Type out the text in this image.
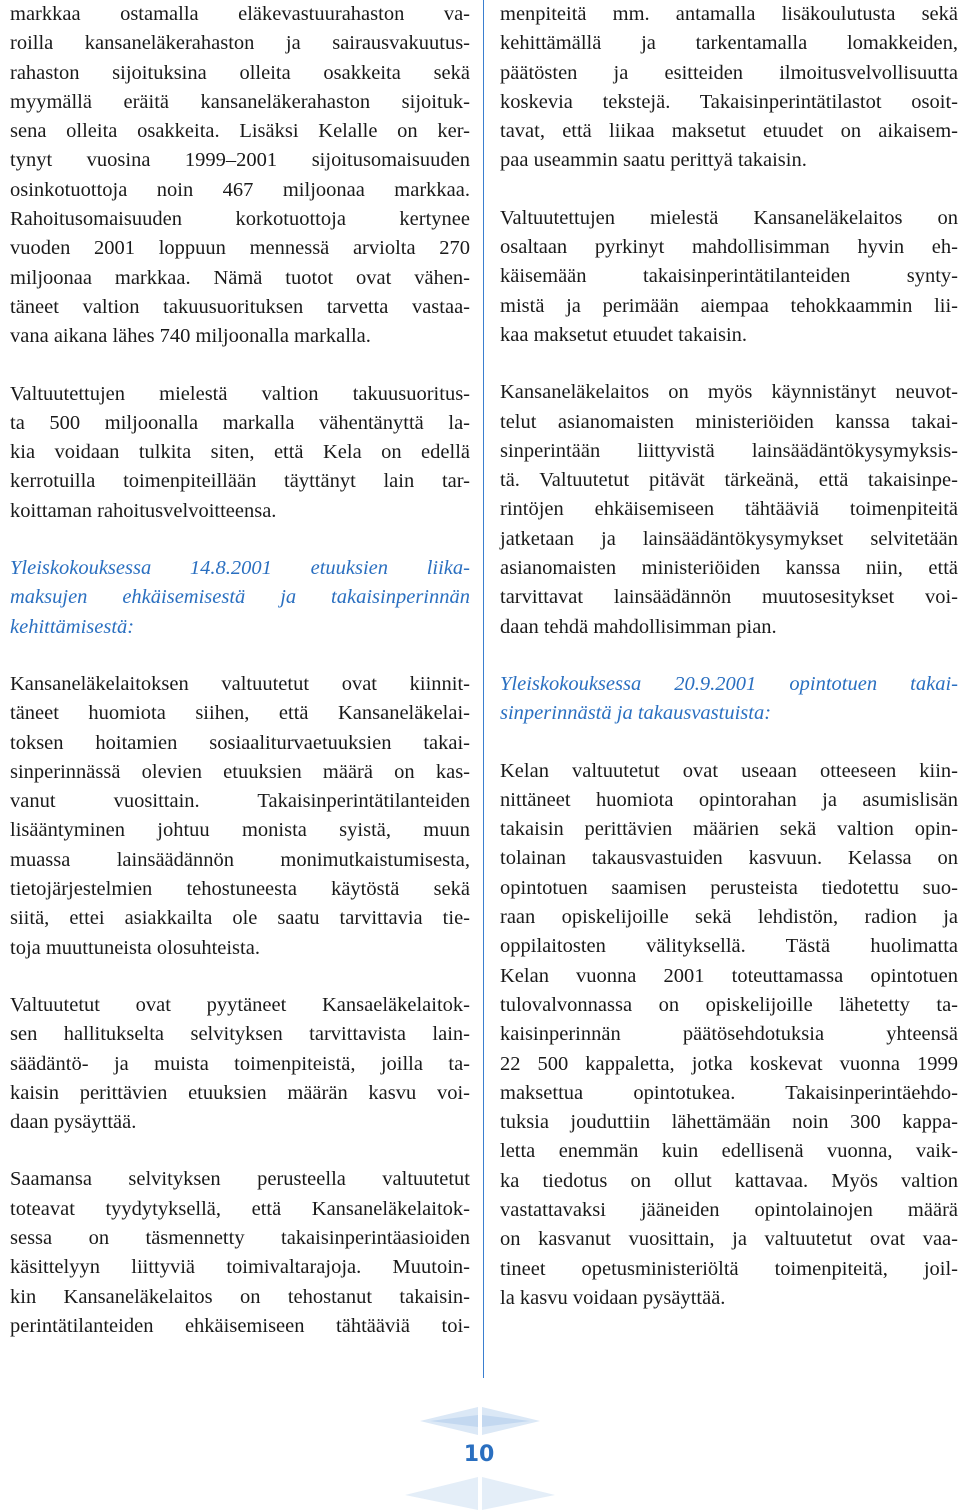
markkaa ostamalla eläkevastuurahaston va-
roilla kansaneläkerahaston ja sairausvakuutus-
rahaston sijoituksina olleita osakkeita sekä
myymällä eräitä kansaneläkerahaston sijoituk-
sena olleita osakkeita. Lisäksi Kelalle on ker-
tynyt vuosina 1999–2001 sijoitusomaisuuden
osinkotuottoja noin 467 miljoonaa markkaa.
Rahoitusomaisuuden korkotuottoja kertynee
vuoden 2001 loppuun mennessä arviolta 270
miljoonaa markkaa. Nämä tuotot ovat vähen-
täneet valtion takuusuorituksen tarvetta vastaa-
vana aikana lähes 740 miljoonalla markalla.
Valtuutettujen mielestä valtion takuusuoritus-
ta 500 miljoonalla markalla vähentänyttä la-
kia voidaan tulkita siten, että Kela on edellä
kerrotuilla toimenpiteillään täyttänyt lain tar-
koittaman rahoitusvelvoitteensa.
Yleiskokouksessa 14.8.2001 etuuksien liika-
maksujen ehkäisemisestä ja takaisinperinnän
kehittämisestä:
Kansaneläkelaitoksen valtuutetut ovat kiinnit-
täneet huomiota siihen, että Kansaneläkelai-
toksen hoitamien sosiaaliturvaetuuksien takai-
sinperinnässä olevien etuuksien määrä on kas-
vanut vuosittain. Takaisinperintätilanteiden
lisääntyminen johtuu monista syistä, muun
muassa lainsäädännön monimutkaistumisesta,
tietojärjestelmien tehostuneesta käytöstä sekä
siitä, ettei asiakkailta ole saatu tarvittavia tie-
toja muuttuneista olosuhteista.
Valtuutetut ovat pyytäneet Kansaeläkelaitok-
sen hallitukselta selvityksen tarvittavista lain-
säädäntö- ja muista toimenpiteistä, joilla ta-
kaisin perittävien etuuksien määrän kasvu voi-
daan pysäyttää.
Saamansa selvityksen perusteella valtuutetut
toteavat tyydytyksellä, että Kansaneläkelaitok-
sessa on täsmennetty takaisinperintäasioiden
käsittelyyn liittyviä toimivaltarajoja. Muutoin-
kin Kansaneläkelaitos on tehostanut takaisin-
perintätilanteiden ehkäisemiseen tähtääviä toi-
menpiteitä mm. antamalla lisäkoulutusta sekä
kehittämällä ja tarkentamalla lomakkeiden,
päätösten ja esitteiden ilmoitusvelvollisuutta
koskevia tekstejä. Takaisinperintätilastot osoit-
tavat, että liikaa maksetut etuudet on aikaisem-
paa useammin saatu perittyä takaisin.
Valtuutettujen mielestä Kansaneläkelaitos on
osaltaan pyrkinyt mahdollisimman hyvin eh-
käisemään takaisinperintätilanteiden synty-
mistä ja perimään aiempaa tehokkaammin lii-
kaa maksetut etuudet takaisin.
Kansaneläkelaitos on myös käynnistänyt neuvot-
telut asianomaisten ministeriöiden kanssa takai-
sinperintään liittyvistä lainsäädäntökysymyksis-
tä. Valtuutetut pitävät tärkeänä, että takaisinpe-
rintöjen ehkäisemiseen tähtääviä toimenpiteitä
jatketaan ja lainsäädäntökysymykset selvitetään
asianomaisten ministeriöiden kanssa niin, että
tarvittavat lainsäädännön muutosesitykset voi-
daan tehdä mahdollisimman pian.
Yleiskokouksessa 20.9.2001 opintotuen takai-
sinperinnästä ja takausvastuista:
Kelan valtuutetut ovat useaan otteeseen kiin-
nittäneet huomiota opintorahan ja asumislisän
takaisin perittävien määrien sekä valtion opin-
tolainan takausvastuiden kasvuun. Kelassa on
opintotuen saamisen perusteista tiedotettu suo-
raan opiskelijoille sekä lehdistön, radion ja
oppilaitosten välityksellä. Tästä huolimatta
Kelan vuonna 2001 toteuttamassa opintotuen
tulovalvonnassa on opiskelijoille lähetetty ta-
kaisinperinnän päätösehdotuksia yhteensä
22 500 kappaletta, jotka koskevat vuonna 1999
maksettua opintotukea. Takaisinperintäehdo-
tuksia jouduttiin lähettämään noin 300 kappa-
letta enemmän kuin edellisenä vuonna, vaik-
ka tiedotus on ollut kattavaa. Myös valtion
vastattavaksi jääneiden opintolainojen määrä
on kasvanut vuosittain, ja valtuutetut ovat vaa-
tineet opetusministeriöltä toimenpiteitä, joil-
la kasvu voidaan pysäyttää.
10
